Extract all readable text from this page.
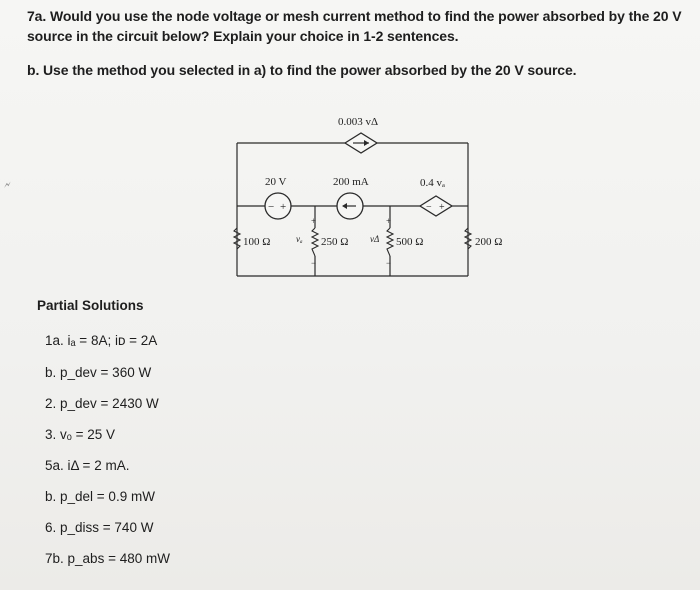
7a. Would you use the node voltage or mesh current method to find the power absorbed by the 20 V
source in the circuit below? Explain your choice in 1-2 sentences.
b. Use the method you selected in a) to find the power absorbed by the 20 V source.
🗲
0.003 vΔ
− +
20 V	200 mA
− +
0.4 vₐ
100 Ω	250 Ω	500 Ω	200 Ω
+
vₐ
−
+
vΔ
−
Partial Solutions
1a. iₐ = 8A; iᴅ = 2A
b. p_dev = 360 W
2. p_dev = 2430 W
3. vₒ = 25 V
5a. iΔ = 2 mA.
b. p_del = 0.9 mW
6. p_diss = 740 W
7b. p_abs = 480 mW
